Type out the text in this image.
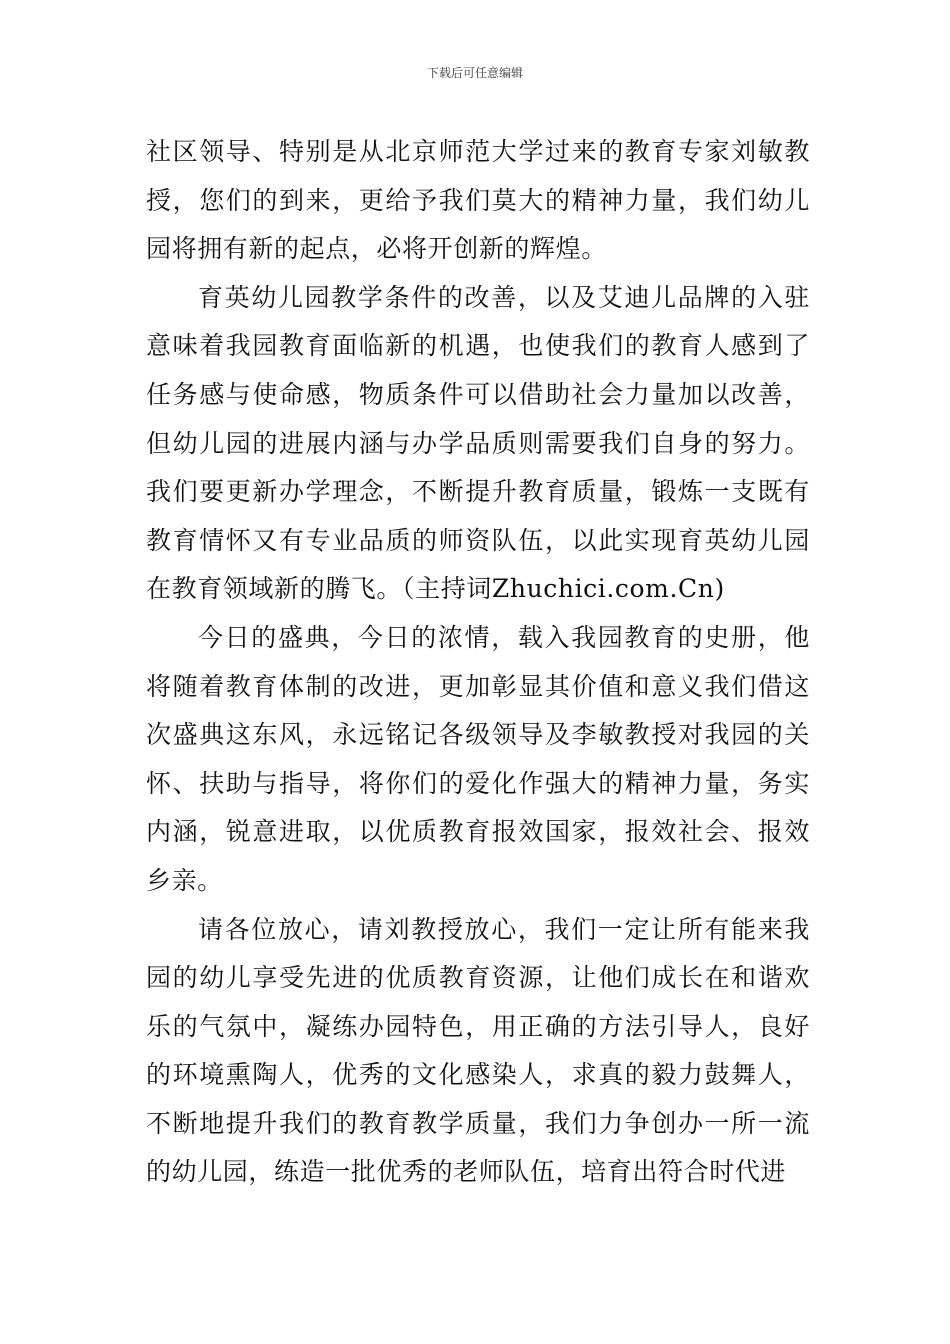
下载后可任意编辑

社区领导、特别是从北京师范大学过来的教育专家刘敏教授，您们的到来，更给予我们莫大的精神力量，我们幼儿园将拥有新的起点，必将开创新的辉煌。

育英幼儿园教学条件的改善，以及艾迪儿品牌的入驻意味着我园教育面临新的机遇，也使我们的教育人感到了任务感与使命感，物质条件可以借助社会力量加以改善，但幼儿园的进展内涵与办学品质则需要我们自身的努力。我们要更新办学理念，不断提升教育质量，锻炼一支既有教育情怀又有专业品质的师资队伍，以此实现育英幼儿园在教育领域新的腾飞。（主持词Zhuchici.com.Cn)

今日的盛典，今日的浓情，载入我园教育的史册，他将随着教育体制的改进，更加彰显其价值和意义我们借这次盛典这东风，永远铭记各级领导及李敏教授对我园的关怀、扶助与指导，将你们的爱化作强大的精神力量，务实内涵，锐意进取，以优质教育报效国家，报效社会、报效乡亲。

请各位放心，请刘教授放心，我们一定让所有能来我园的幼儿享受先进的优质教育资源，让他们成长在和谐欢乐的气氛中，凝练办园特色，用正确的方法引导人，良好的环境熏陶人，优秀的文化感染人，求真的毅力鼓舞人，不断地提升我们的教育教学质量，我们力争创办一所一流的幼儿园，练造一批优秀的老师队伍，培育出符合时代进
